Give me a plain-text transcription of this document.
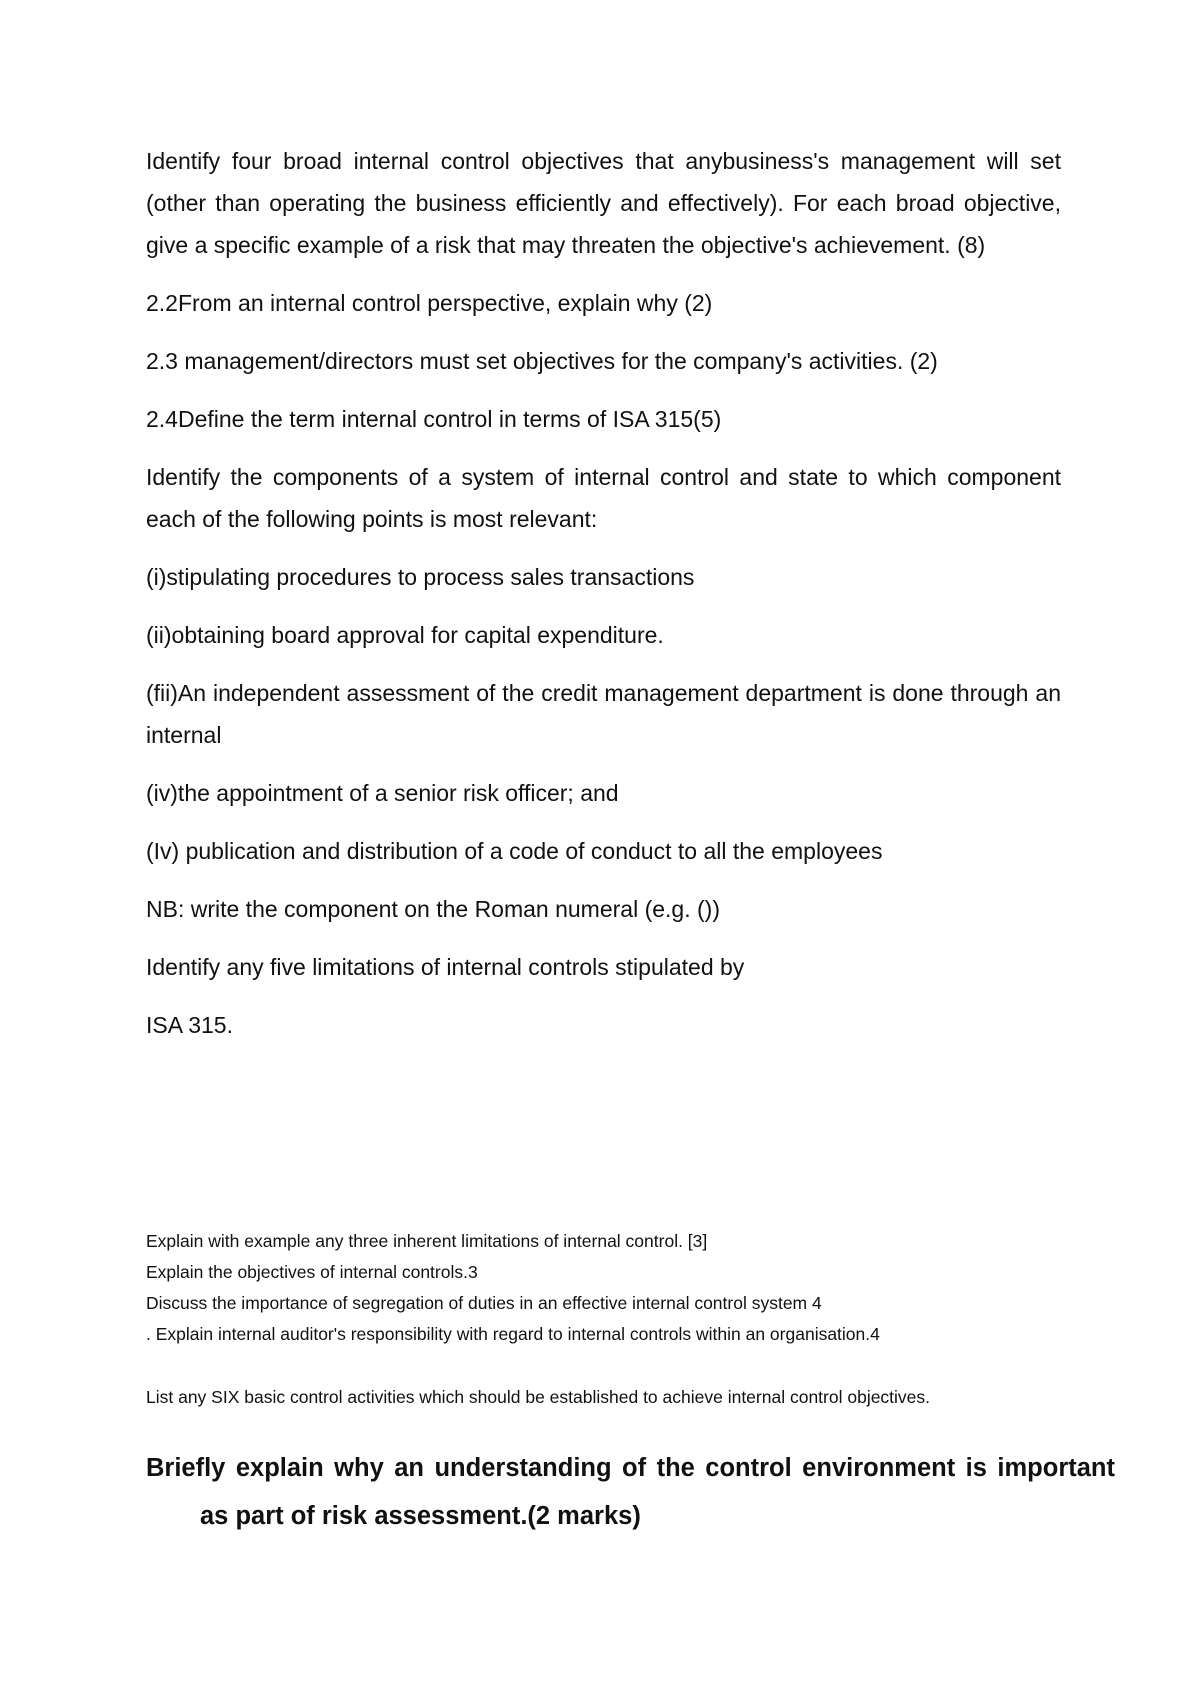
Identify four broad internal control objectives that anybusiness's management will set (other than operating the business efficiently and effectively). For each broad objective, give a specific example of a risk that may threaten the objective's achievement. (8)

2.2From an internal control perspective, explain why (2)

2.3 management/directors must set objectives for the company's activities. (2)

2.4Define the term internal control in terms of ISA 315(5)

Identify the components of a system of internal control and state to which component each of the following points is most relevant:

(i)stipulating procedures to process sales transactions

(ii)obtaining board approval for capital expenditure.

(fii)An independent assessment of the credit management department is done through an internal

(iv)the appointment of a senior risk officer; and

(Iv) publication and distribution of a code of conduct to all the employees

NB: write the component on the Roman numeral (e.g. ())

Identify any five limitations of internal controls stipulated by

ISA 315.

Explain with example any three inherent limitations of internal control. [3]

Explain the objectives of internal controls.3

Discuss the importance of segregation of duties in an effective internal control system 4

. Explain internal auditor's responsibility with regard to internal controls within an organisation.4

List any SIX basic control activities which should be established to achieve internal control objectives.

Briefly explain why an understanding of the control environment is important as part of risk assessment.(2 marks)
